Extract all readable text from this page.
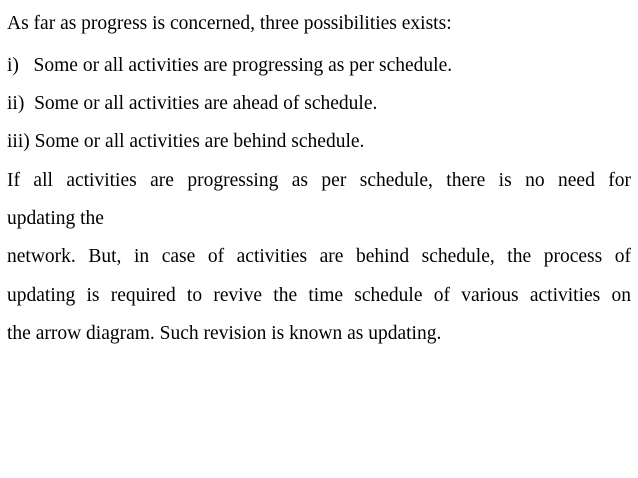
As far as progress is concerned, three possibilities exists:
i)   Some or all activities are progressing as per schedule.
ii)  Some or all activities are ahead of schedule.
iii) Some or all activities are behind schedule.
If all activities are progressing as per schedule, there is no need for
updating the
network. But, in case of activities are behind schedule, the process of
updating is required to revive the time schedule of various activities on
the arrow diagram. Such revision is known as updating.
